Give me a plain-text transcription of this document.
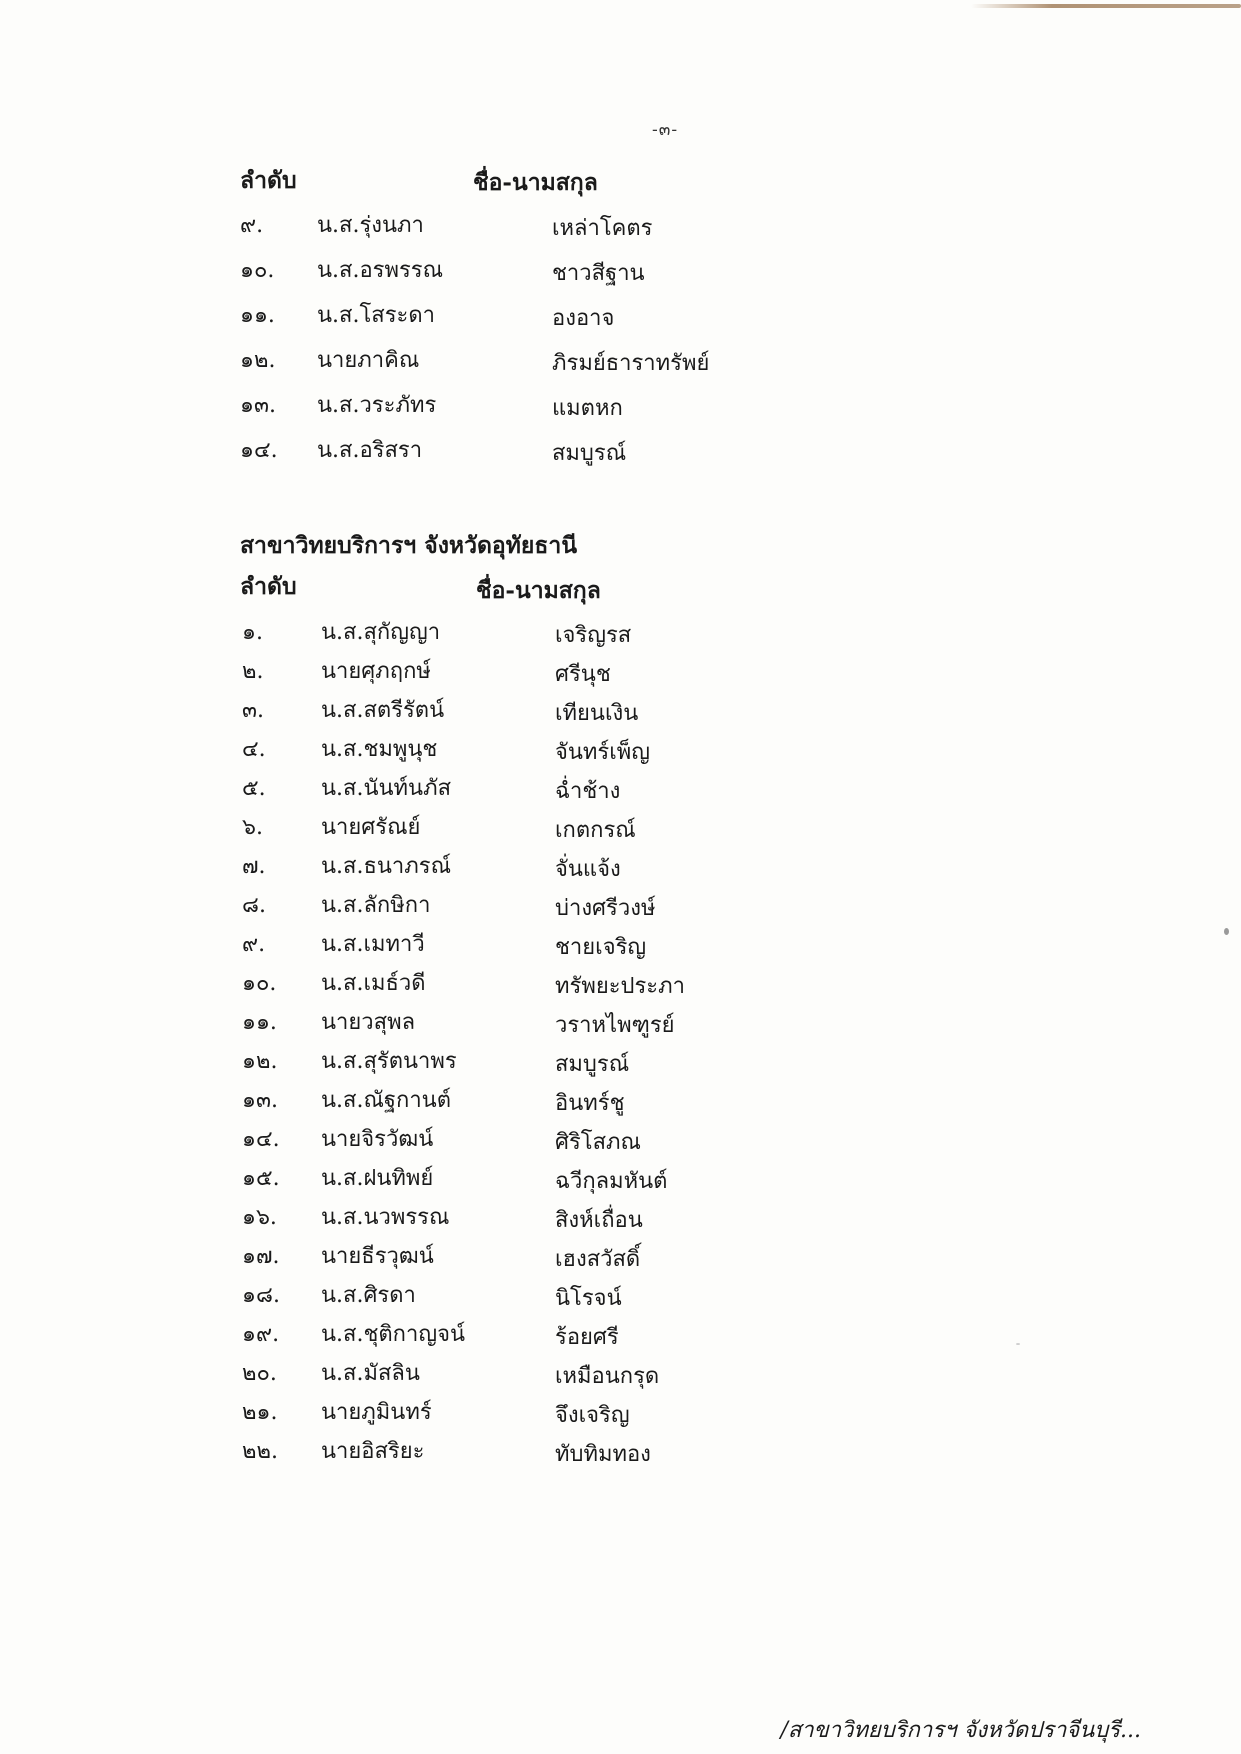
-๓-
ลำดับ	ชื่อ-นามสกุล
๙. น.ส.รุ่งนภา	เหล่าโคตร
๑๐. น.ส.อรพรรณ	ชาวสีฐาน
๑๑. น.ส.โสระดา	องอาจ
๑๒. นายภาคิณ	ภิรมย์ธาราทรัพย์
๑๓. น.ส.วระภัทร	แมตหก
๑๔. น.ส.อริสรา	สมบูรณ์
สาขาวิทยบริการฯ จังหวัดอุทัยธานี
ลำดับ	ชื่อ-นามสกุล
๑.	น.ส.สุกัญญา	เจริญรส
๒.	นายศุภฤกษ์	ศรีนุช
๓.	น.ส.สตรีรัตน์	เทียนเงิน
๔.	น.ส.ชมพูนุช	จันทร์เพ็ญ
๕.	น.ส.นันท์นภัส	ฉ่ำช้าง
๖.	นายศรัณย์	เกตกรณ์
๗.	น.ส.ธนาภรณ์	จั่นแจ้ง
๘.	น.ส.ลักษิกา	บ่างศรีวงษ์
๙.	น.ส.เมทาวี	ชายเจริญ
๑๐. น.ส.เมธ์วดี	ทรัพยะประภา
๑๑. นายวสุพล	วราหไพฑูรย์
๑๒. น.ส.สุรัตนาพร	สมบูรณ์
๑๓. น.ส.ณัฐกานต์	อินทร์ชู
๑๔. นายจิรวัฒน์	ศิริโสภณ
๑๕. น.ส.ฝนทิพย์	ฉวีกุลมหันต์
๑๖. น.ส.นวพรรณ	สิงห์เถื่อน
๑๗. นายธีรวุฒน์	เฮงสวัสดิ์
๑๘. น.ส.ศิรดา	นิโรจน์
๑๙. น.ส.ชุติกาญจน์	ร้อยศรี
๒๐. น.ส.มัสลิน	เหมือนกรุด
๒๑. นายภูมินทร์	จึงเจริญ
๒๒. นายอิสริยะ	ทับทิมทอง
/สาขาวิทยบริการฯ จังหวัดปราจีนบุรี...
